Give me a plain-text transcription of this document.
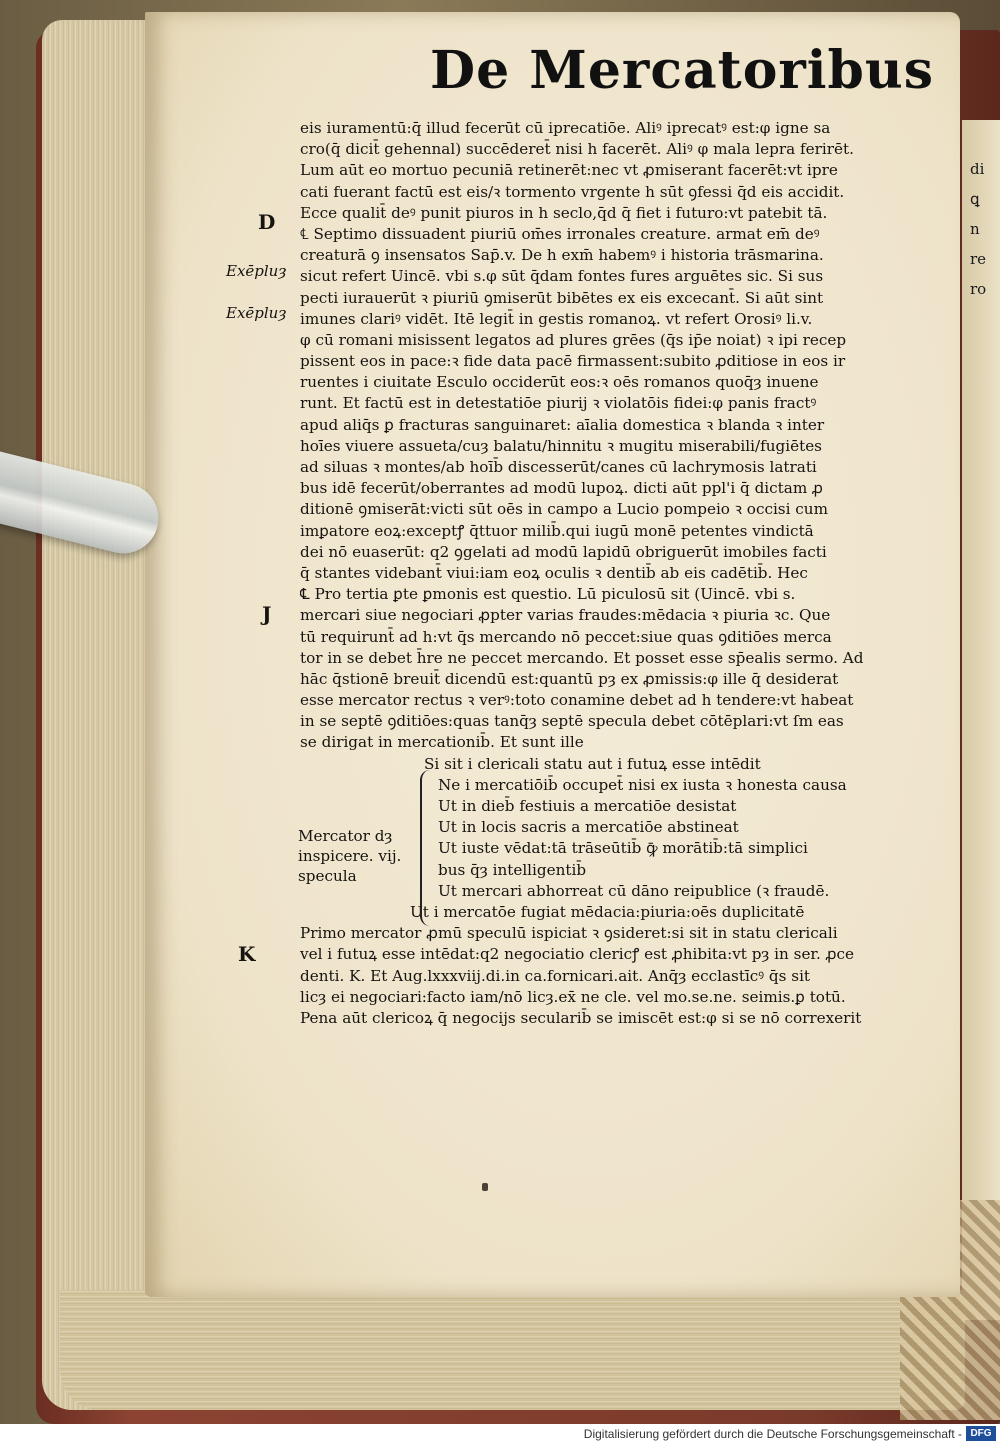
di
ꝗ
n
re
ro
De Mercatoribus
eis iuramentū:q̄ illud fecerūt cū iprecatiōe. Aliꝰ iprecatꝰ est:φ igne sa
cro(q̄ dicit̄ gehennal) succēderet̄ nisi h facerēt. Aliꝰ φ mala lepra ferirēt.
Lum aūt eo mortuo pecuniā retinerēt:nec vt ꝓmiserant facerēt:vt ipre
cati fuerant factū est eis/ꝛ tormento vrgente h sūt ꝯfessi q̄d eis accidit.
Ecce qualit̄ deꝰ punit piuros in h seclo,q̄d q̄ fiet i futuro:vt patebit tā.
℄ Septimo dissuadent piuriū om̄es irronales creature. armat em̄ deꝰ
creaturā ꝯ insensatos Sap̄.v. De h exm̄ habemꝰ i historia trāsmarina.
sicut refert Uincē. vbi s.φ sūt q̄dam fontes fures arguētes sic. Si sus
pecti iurauerūt ꝛ piuriū ꝯmiserūt bibētes ex eis excecant̄. Si aūt sint
imunes clariꝰ vidēt. Itē legit̄ in gestis romanoꝝ. vt refert Orosiꝰ li.v.
φ cū romani misissent legatos ad plures grēes (q̄s ip̄e noiat) ꝛ ipi recep
pissent eos in pace:ꝛ fide data pacē firmassent:subito ꝓditiose in eos ir
ruentes i ciuitate Esculo occiderūt eos:ꝛ oēs romanos quoq̄ȝ inuene
runt. Et factū est in detestatiōe piurij ꝛ violatōis fidei:φ panis fractꝰ
apud aliq̄s ꝑ fracturas sanguinaret: aīalia domestica ꝛ blanda ꝛ inter
hoīes viuere assueta/cuȝ balatu/hinnitu ꝛ mugitu miserabili/fugiētes
ad siluas ꝛ montes/ab hoīb̄ discesserūt/canes cū lachrymosis latrati
bus idē fecerūt/oberrantes ad modū lupoꝝ. dicti aūt ppl'i q̄ dictam ꝓ
ditionē ꝯmiserāt:victi sūt oēs in campo a Lucio pompeio ꝛ occisi cum
imꝑatore eoꝝ:exceptꝭ q̄ttuor milib̄.qui iugū monē petentes vindictā
dei nō euaserūt: q2 ꝯgelati ad modū lapidū obriguerūt imobiles facti
q̄ stantes videbant̄ viui:iam eoꝝ oculis ꝛ dentib̄ ab eis cadētib̄. Hec
℄ Pro tertia ꝑte ꝑmonis est questio. Lū piculosū sit (Uincē. vbi s.
mercari siue negociari ꝓpter varias fraudes:mēdacia ꝛ piuria ꝛc. Que
tū requirunt̄ ad h:vt q̄s mercando nō peccet:siue quas ꝯditiōes merca
tor in se debet h̄re ne peccet mercando. Et posset esse sp̄ealis sermo. Ad
hāc q̄stionē breuit̄ dicendū est:quantū pȝ ex ꝓmissis:φ ille q̄ desiderat
esse mercator rectus ꝛ verꝰ:toto conamine debet ad h tendere:vt habeat
in se septē ꝯditiōes:quas tanq̄ȝ septē specula debet cōtēplari:vt ſm eas
se dirigat in mercationib̄. Et sunt ille
Si sit i clericali statu aut i futuꝝ esse intēdit
Ne i mercatiōib̄ occupet̄ nisi ex iusta ꝛ honesta causa
Ut in dieb̄ festiuis a mercatiōe desistat
Ut in locis sacris a mercatiōe abstineat
Ut iuste vēdat:tā trāseūtib̄ ꝙ̄ morātib̄:tā simplici
bus q̄ȝ intelligentib̄
Ut mercari abhorreat cū dāno reipublice (ꝛ fraudē.
Ut i mercatōe fugiat mēdacia:piuria:oēs duplicitatē
Primo mercator ꝓmū speculū ispiciat ꝛ ꝯsideret:si sit in statu clericali
vel i futuꝝ esse intēdat:q2 negociatio clericꝭ est ꝓhibita:vt pȝ in ser. ꝓce
denti. K. Et Aug.lxxxviij.di.in ca.fornicari.ait. Anq̄ȝ ecclastīcꝰ q̄s sit
licȝ ei negociari:facto iam/nō licȝ.ex̄ ne cle. vel mo.se.ne. seimis.ꝑ totū.
Pena aūt clericoꝝ q̄ negocijs secularib̄ se imiscēt est:φ si se nō correxerit
D
Exēpluȝ
Exēpluȝ
J
K
Mercator dȝ
inspicere. vij.
specula
Digitalisierung gefördert durch die Deutsche Forschungsgemeinschaft - DFG
